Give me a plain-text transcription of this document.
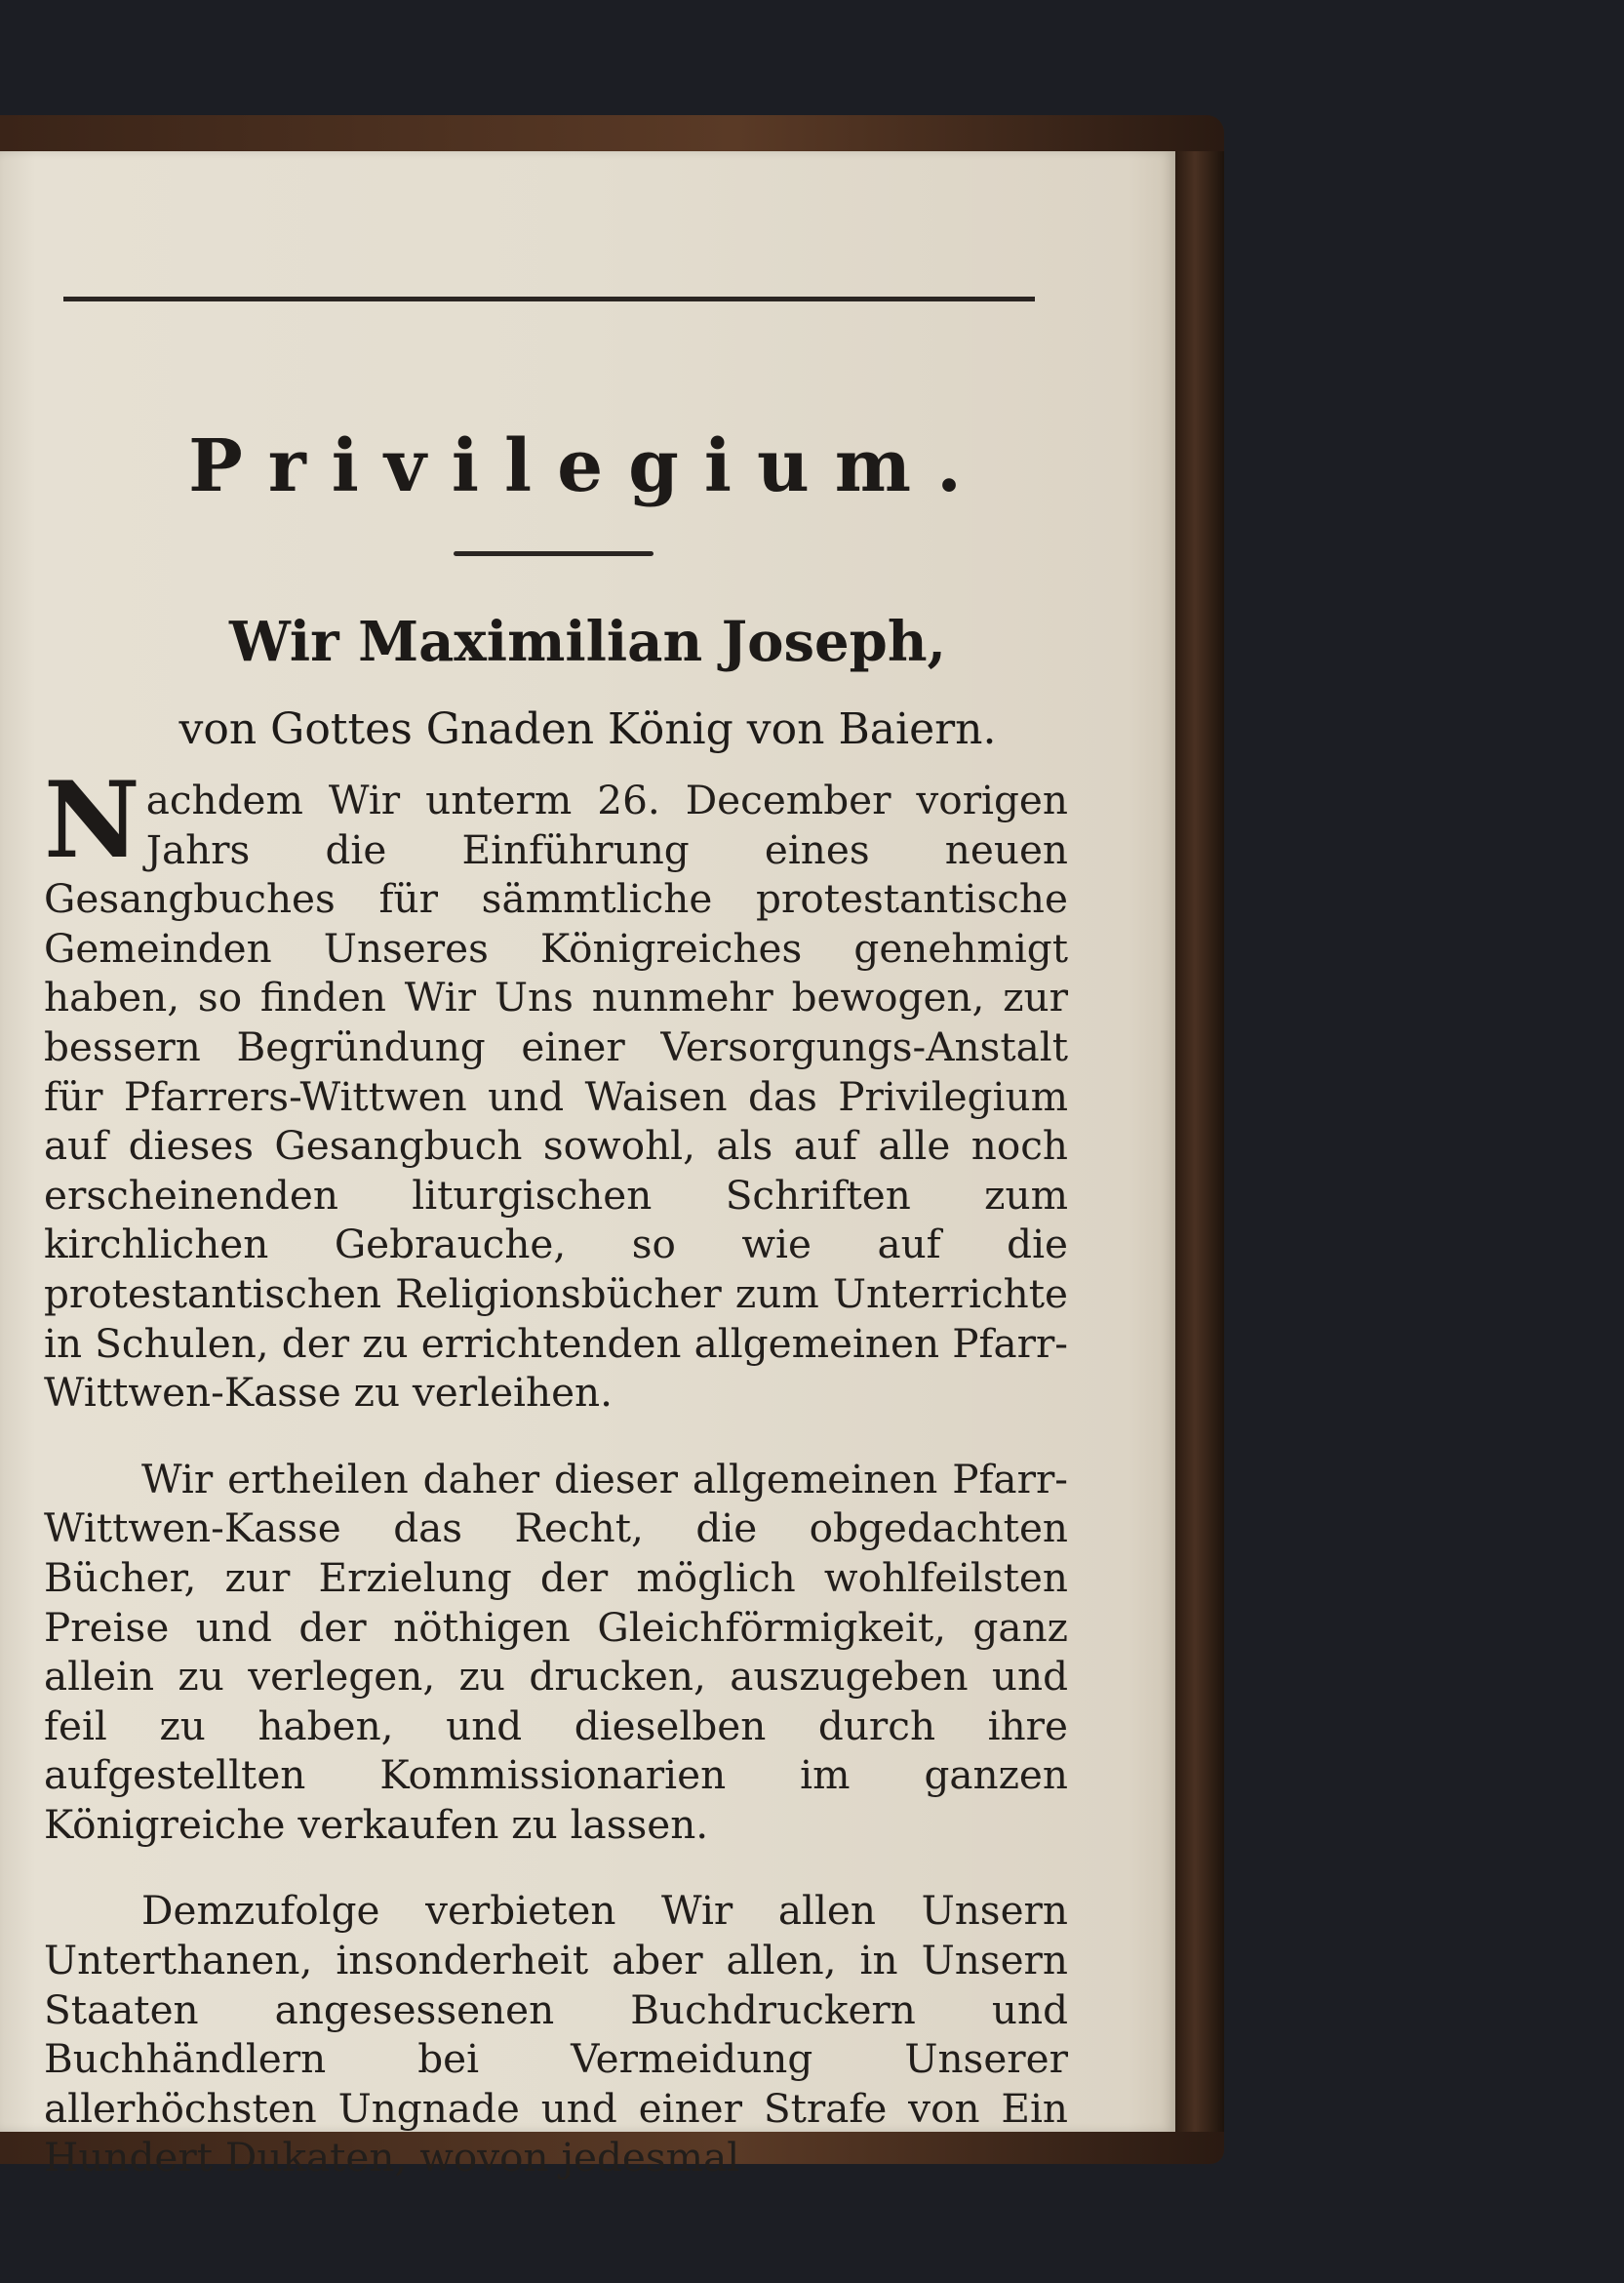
Privilegium.
Wir Maximilian Joseph,
von Gottes Gnaden König von Baiern.

Nachdem Wir unterm 26. December vorigen Jahrs die Einführung eines neuen Gesangbuches für sämmtliche protestantische Gemeinden Unseres Königreiches genehmigt haben, so finden Wir Uns nunmehr bewogen, zur bessern Begründung einer Versorgungs-Anstalt für Pfarrers-Wittwen und Waisen das Privilegium auf dieses Gesangbuch sowohl, als auf alle noch erscheinenden liturgischen Schriften zum kirchlichen Gebrauche, so wie auf die protestantischen Religionsbücher zum Unterrichte in Schulen, der zu errichtenden allgemeinen Pfarr-Wittwen-Kasse zu verleihen.

Wir ertheilen daher dieser allgemeinen Pfarr-Wittwen-Kasse das Recht, die obgedachten Bücher, zur Erzielung der möglich wohlfeilsten Preise und der nöthigen Gleichförmigkeit, ganz allein zu verlegen, zu drucken, auszugeben und feil zu haben, und dieselben durch ihre aufgestellten Kommissionarien im ganzen Königreiche verkaufen zu lassen.

Demzufolge verbieten Wir allen Unsern Unterthanen, insonderheit aber allen, in Unsern Staaten angesessenen Buchdruckern und Buchhändlern bei Vermeidung Unserer allerhöchsten Ungnade und einer Strafe von Ein Hundert Dukaten, wovon jedesmal
